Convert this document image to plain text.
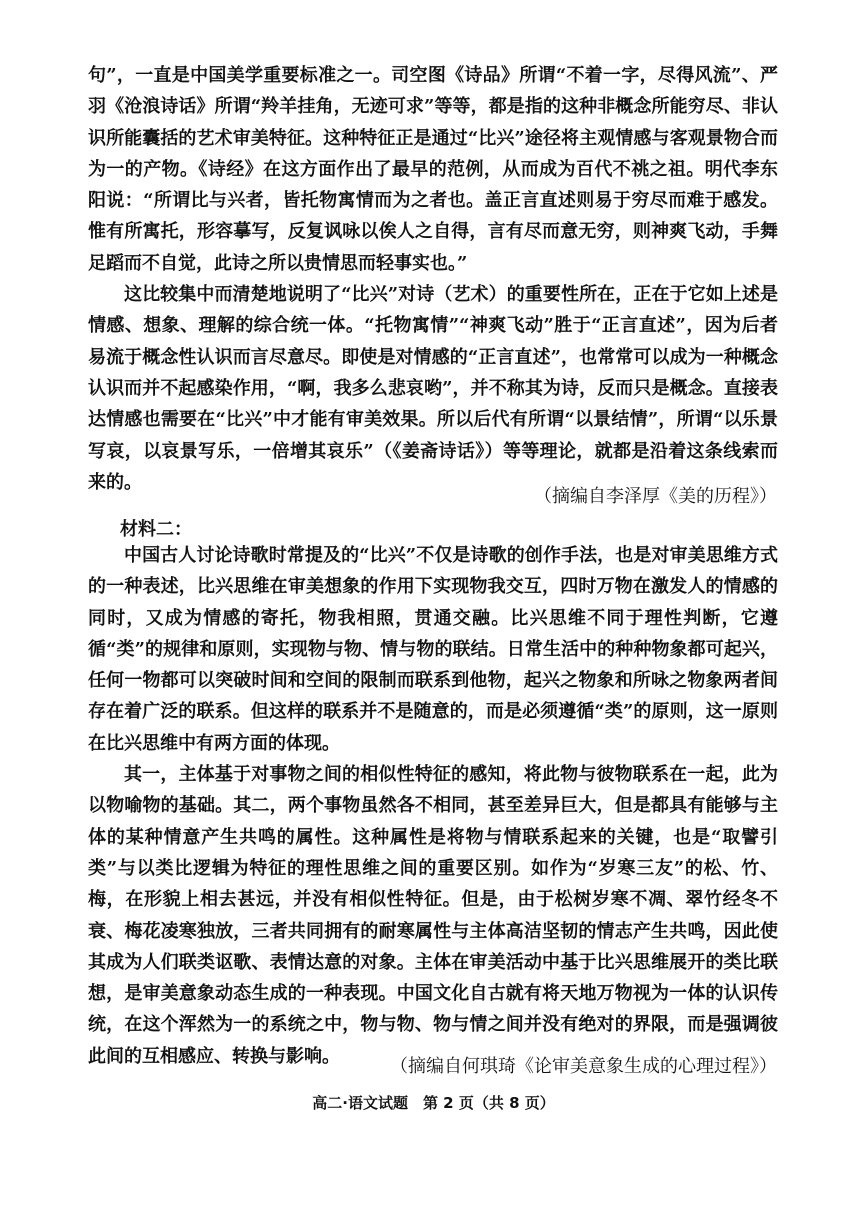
句”，一直是中国美学重要标准之一。司空图《诗品》所谓“不着一字，尽得风流”、严羽《沧浪诗话》所谓“羚羊挂角，无迹可求”等等，都是指的这种非概念所能穷尽、非认识所能囊括的艺术审美特征。这种特征正是通过“比兴”途径将主观情感与客观景物合而为一的产物。《诗经》在这方面作出了最早的范例，从而成为百代不祧之祖。明代李东阳说：“所谓比与兴者，皆托物寓情而为之者也。盖正言直述则易于穷尽而难于感发。惟有所寓托，形容摹写，反复讽咏以俟人之自得，言有尽而意无穷，则神爽飞动，手舞足蹈而不自觉，此诗之所以贵情思而轻事实也。”

这比较集中而清楚地说明了“比兴”对诗（艺术）的重要性所在，正在于它如上述是情感、想象、理解的综合统一体。“托物寓情”“神爽飞动”胜于“正言直述”，因为后者易流于概念性认识而言尽意尽。即使是对情感的“正言直述”，也常常可以成为一种概念认识而并不起感染作用，“啊，我多么悲哀哟”，并不称其为诗，反而只是概念。直接表达情感也需要在“比兴”中才能有审美效果。所以后代有所谓“以景结情”，所谓“以乐景写哀，以哀景写乐，一倍增其哀乐”（《姜斋诗话》）等等理论，就都是沿着这条线索而来的。

（摘编自李泽厚《美的历程》）
材料二：

中国古人讨论诗歌时常提及的“比兴”不仅是诗歌的创作手法，也是对审美思维方式的一种表述，比兴思维在审美想象的作用下实现物我交互，四时万物在激发人的情感的同时，又成为情感的寄托，物我相照，贯通交融。比兴思维不同于理性判断，它遵循“类”的规律和原则，实现物与物、情与物的联结。日常生活中的种种物象都可起兴，任何一物都可以突破时间和空间的限制而联系到他物，起兴之物象和所咏之物象两者间存在着广泛的联系。但这样的联系并不是随意的，而是必须遵循“类”的原则，这一原则在比兴思维中有两方面的体现。

其一，主体基于对事物之间的相似性特征的感知，将此物与彼物联系在一起，此为以物喻物的基础。其二，两个事物虽然各不相同，甚至差异巨大，但是都具有能够与主体的某种情意产生共鸣的属性。这种属性是将物与情联系起来的关键，也是“取譬引类”与以类比逻辑为特征的理性思维之间的重要区别。如作为“岁寒三友”的松、竹、梅，在形貌上相去甚远，并没有相似性特征。但是，由于松树岁寒不凋、翠竹经冬不衰、梅花凌寒独放，三者共同拥有的耐寒属性与主体高洁坚韧的情志产生共鸣，因此使其成为人们联类讴歌、表情达意的对象。主体在审美活动中基于比兴思维展开的类比联想，是审美意象动态生成的一种表现。中国文化自古就有将天地万物视为一体的认识传统，在这个浑然为一的系统之中，物与物、物与情之间并没有绝对的界限，而是强调彼此间的互相感应、转换与影响。	（摘编自何琪琦《论审美意象生成的心理过程》）
高二·语文试题　第 2 页（共 8 页）
